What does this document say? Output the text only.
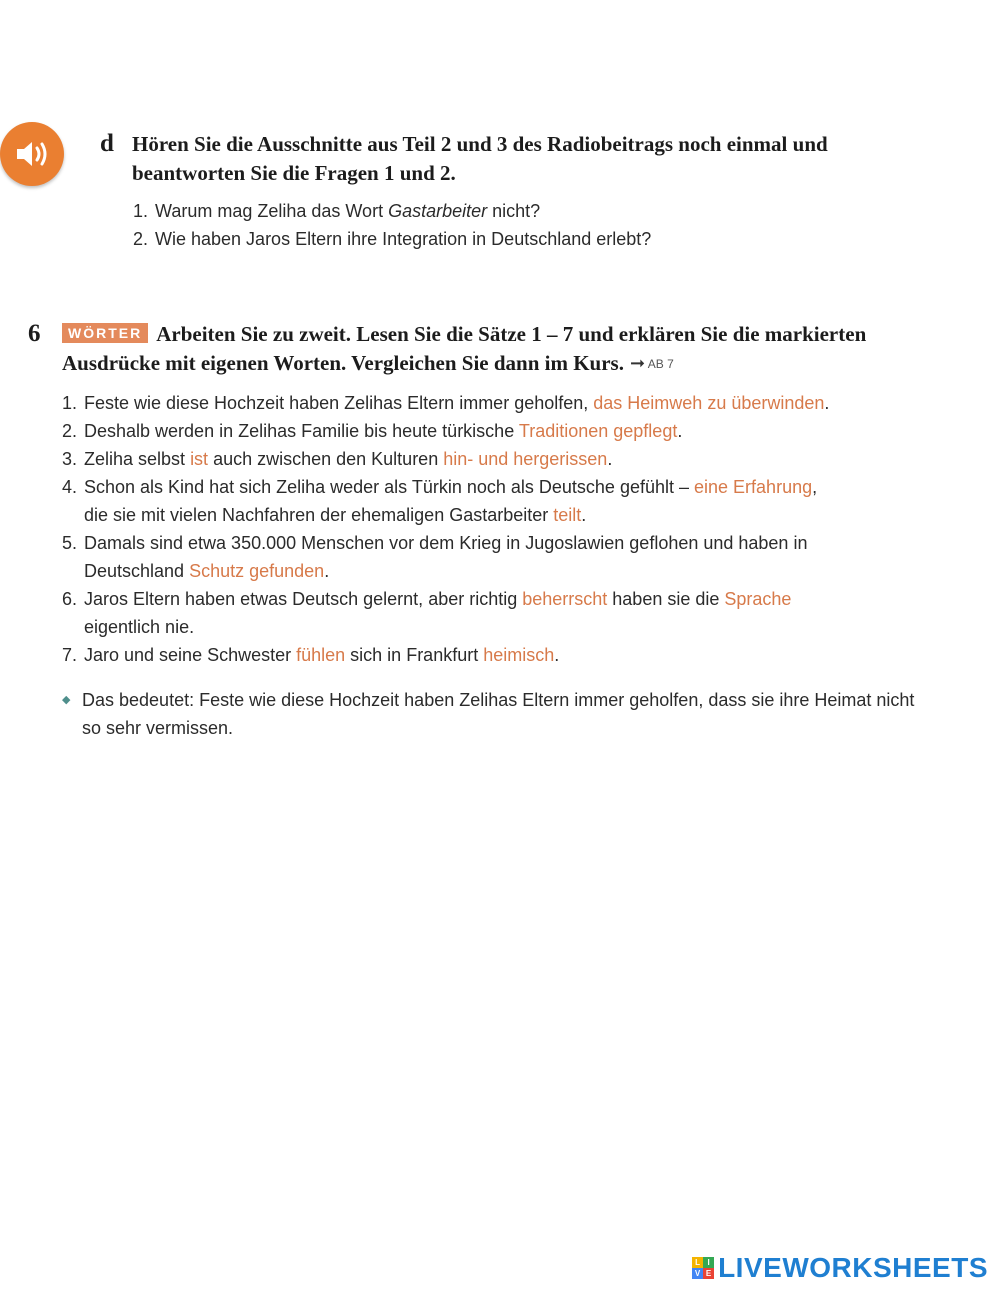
d Hören Sie die Ausschnitte aus Teil 2 und 3 des Radiobeitrags noch einmal und
beantworten Sie die Fragen 1 und 2.
1. Warum mag Zeliha das Wort Gastarbeiter nicht?
2. Wie haben Jaros Eltern ihre Integration in Deutschland erlebt?
6	WÖRTER Arbeiten Sie zu zweit. Lesen Sie die Sätze 1 – 7 und erklären Sie die markierten
Ausdrücke mit eigenen Worten. Vergleichen Sie dann im Kurs. ➞ AB 7
1. Feste wie diese Hochzeit haben Zelihas Eltern immer geholfen, das Heimweh zu überwinden.
2. Deshalb werden in Zelihas Familie bis heute türkische Traditionen gepflegt.
3. Zeliha selbst ist auch zwischen den Kulturen hin- und hergerissen.
4. Schon als Kind hat sich Zeliha weder als Türkin noch als Deutsche gefühlt – eine Erfahrung,
die sie mit vielen Nachfahren der ehemaligen Gastarbeiter teilt.
5. Damals sind etwa 350.000 Menschen vor dem Krieg in Jugoslawien geflohen und haben in
Deutschland Schutz gefunden.
6. Jaros Eltern haben etwas Deutsch gelernt, aber richtig beherrscht haben sie die Sprache
eigentlich nie.
7. Jaro und seine Schwester fühlen sich in Frankfurt heimisch.
◆ Das bedeutet: Feste wie diese Hochzeit haben Zelihas Eltern immer geholfen, dass sie ihre Heimat nicht
so sehr vermissen.
L I
V E LIVEWORKSHEETS
